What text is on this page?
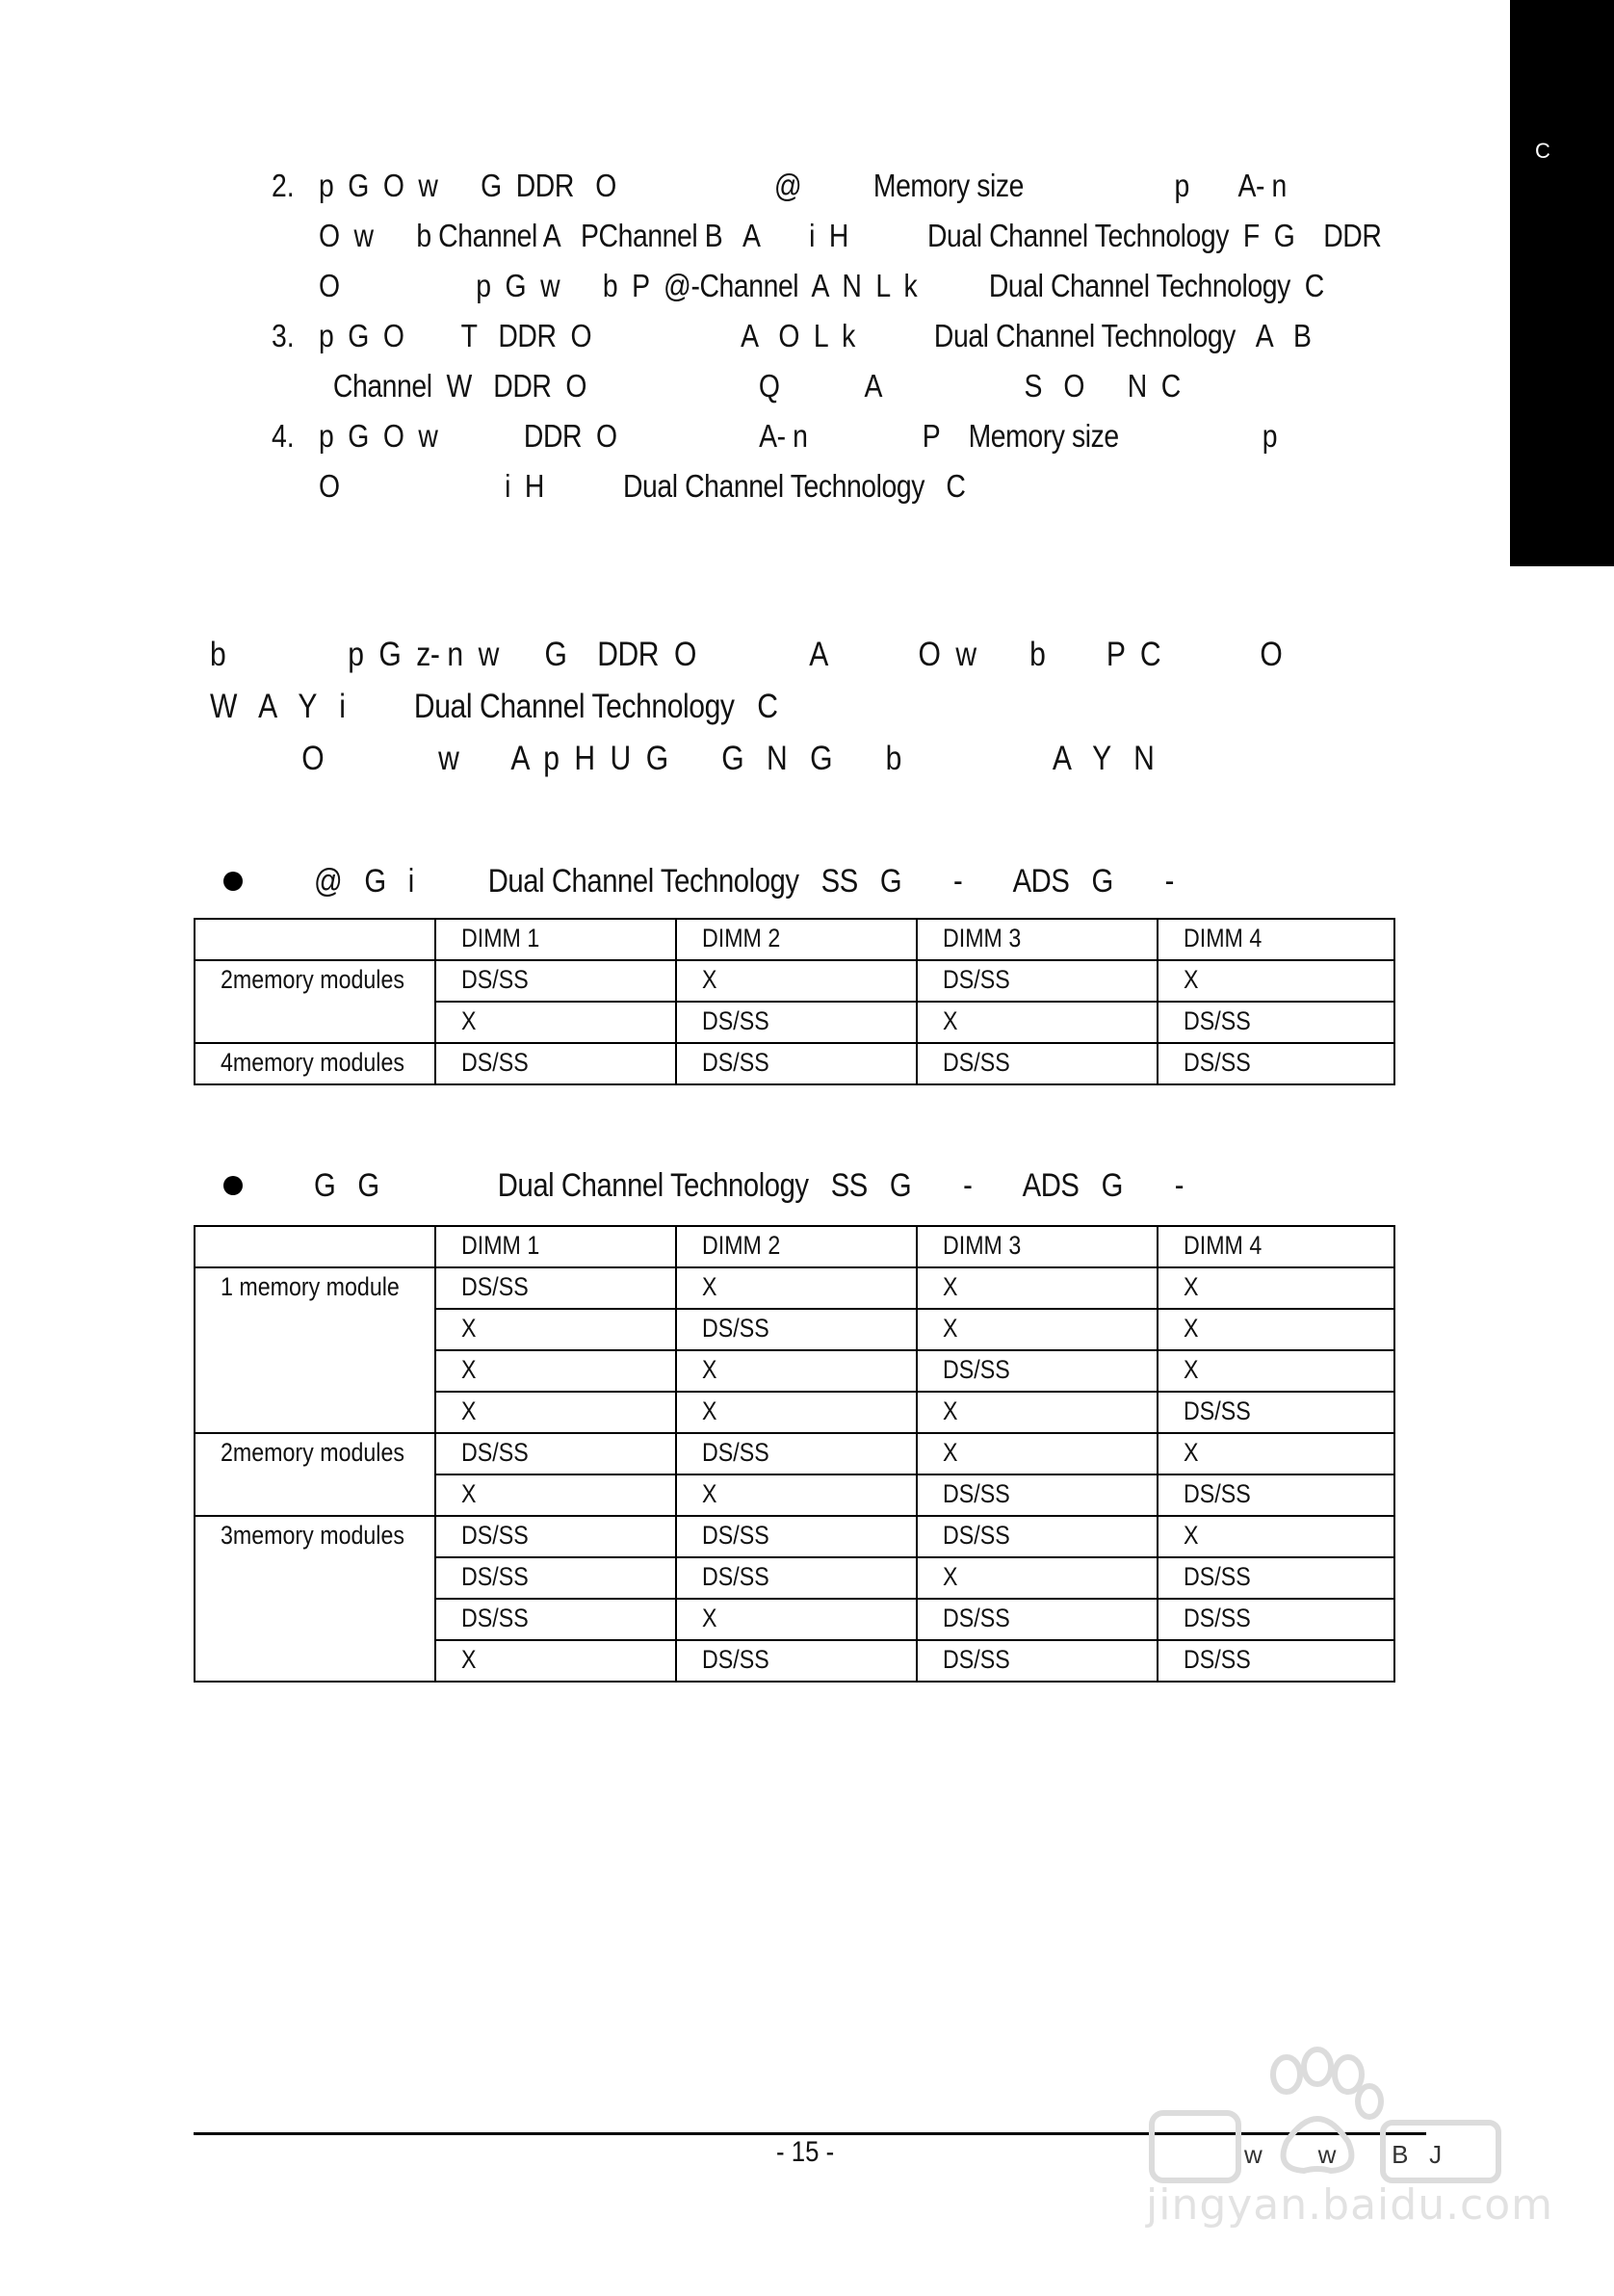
C
2. p  G  O  w      G  DDR   O                      @          Memory size                     p       A- n
O  w      b Channel A   PChannel B   A       i  H           Dual Channel Technology  F  G    DDR
O                   p  G  w      b  P  @-Channel  A  N  L  k          Dual Channel Technology  C
3. p  G  O        T   DDR  O                     A   O  L  k           Dual Channel Technology   A   B
Channel  W   DDR  O                        Q            A                    S   O      N  C
4. p  G  O  w            DDR  O                    A- n                P    Memory size                    p
O                       i  H           Dual Channel Technology   C
b                p  G  z- n  w      G    DDR  O               A            O  w       b        P  C             O
W   A   Y   i         Dual Channel Technology   C
O               w       A  p  H  U  G       G   N   G       b                    A   Y   N
@   G   i          Dual Channel Technology   SS   G       -       ADS   G       -
	DIMM 1	DIMM 2	DIMM 3	DIMM 4
2memory modules	DS/SS	X	DS/SS	X
	X	DS/SS	X	DS/SS
4memory modules	DS/SS	DS/SS	DS/SS	DS/SS
G   G                Dual Channel Technology   SS   G       -       ADS   G       -
	DIMM 1	DIMM 2	DIMM 3	DIMM 4
1 memory module	DS/SS	X	X	X
	X	DS/SS	X	X
	X	X	DS/SS	X
	X	X	X	DS/SS
2memory modules	DS/SS	DS/SS	X	X
	X	X	DS/SS	DS/SS
3memory modules	DS/SS	DS/SS	DS/SS	X
	DS/SS	DS/SS	X	DS/SS
	DS/SS	X	DS/SS	DS/SS
	X	DS/SS	DS/SS	DS/SS
- 15 -	w        w        B   J
jingyan.baidu.com
